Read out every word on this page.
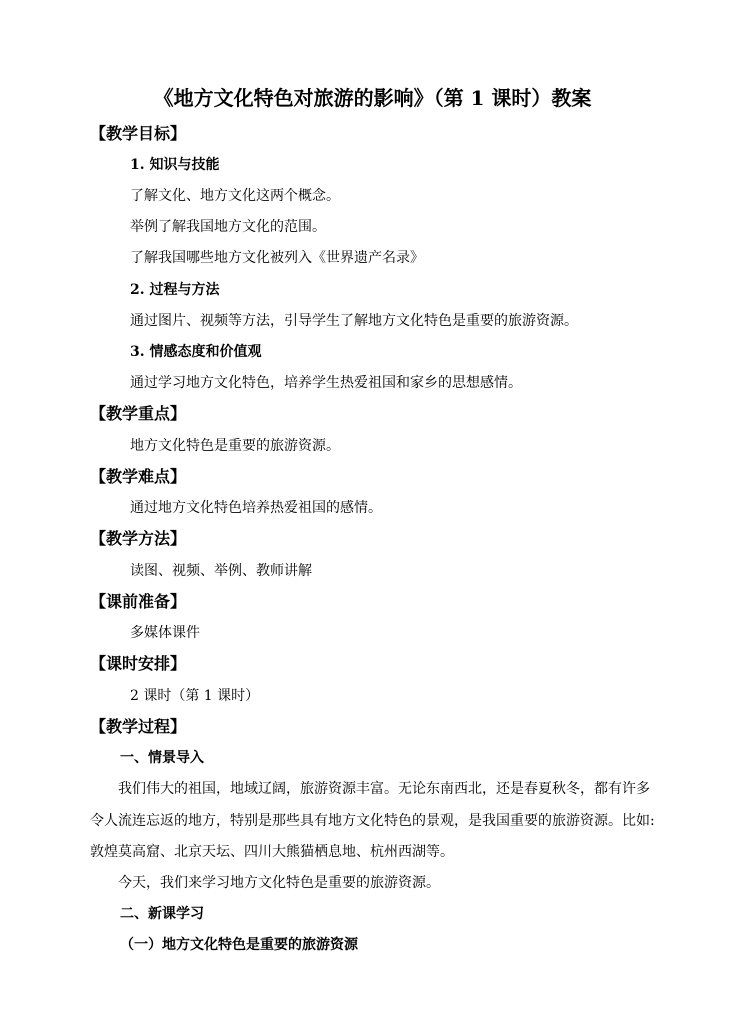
《地方文化特色对旅游的影响》（第 1 课时）教案
【教学目标】
1. 知识与技能
了解文化、地方文化这两个概念。
举例了解我国地方文化的范围。
了解我国哪些地方文化被列入《世界遗产名录》
2. 过程与方法
通过图片、视频等方法，引导学生了解地方文化特色是重要的旅游资源。
3. 情感态度和价值观
通过学习地方文化特色，培养学生热爱祖国和家乡的思想感情。
【教学重点】
地方文化特色是重要的旅游资源。
【教学难点】
通过地方文化特色培养热爱祖国的感情。
【教学方法】
读图、视频、举例、教师讲解
【课前准备】
多媒体课件
【课时安排】
2 课时（第 1 课时）
【教学过程】
一、情景导入
我们伟大的祖国，地域辽阔，旅游资源丰富。无论东南西北，还是春夏秋冬，都有许多
令人流连忘返的地方，特别是那些具有地方文化特色的景观，是我国重要的旅游资源。比如:
敦煌莫高窟、北京天坛、四川大熊猫栖息地、杭州西湖等。
今天，我们来学习地方文化特色是重要的旅游资源。
二、新课学习
（一）地方文化特色是重要的旅游资源
